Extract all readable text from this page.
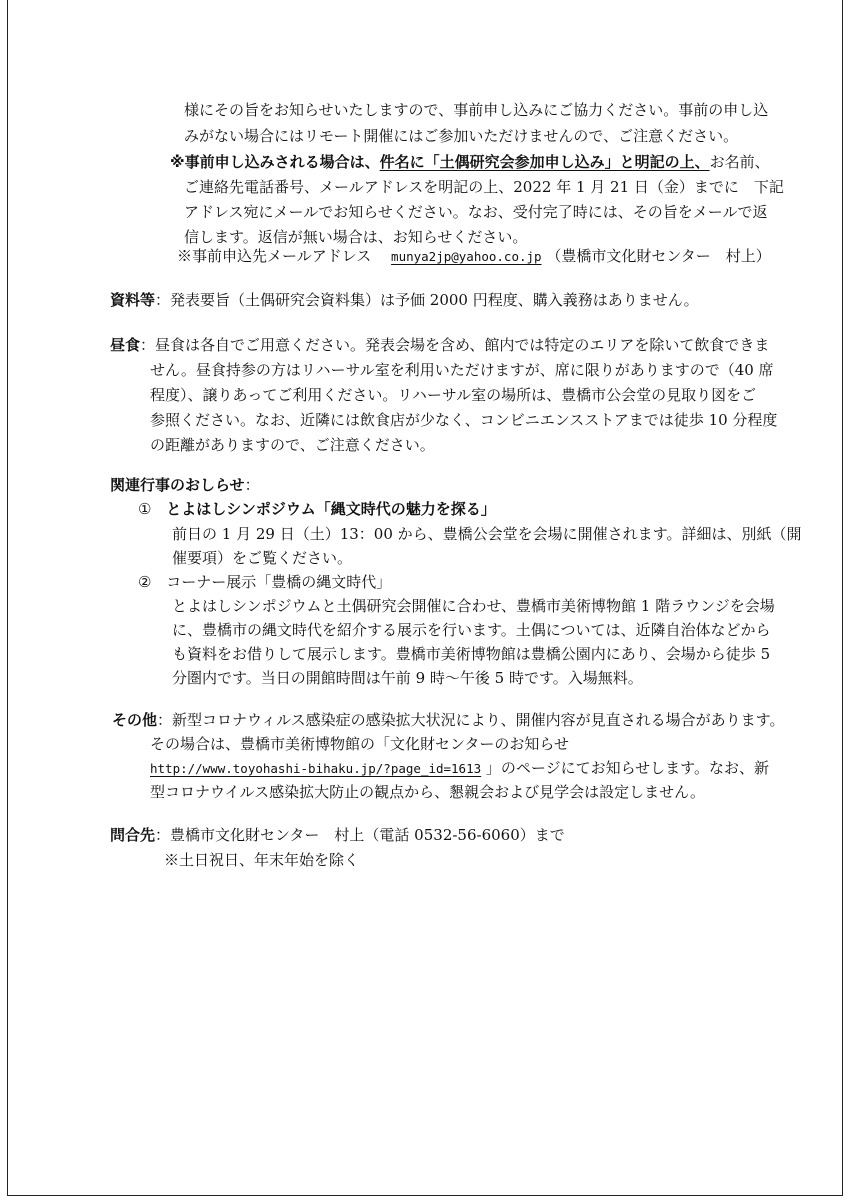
様にその旨をお知らせいたしますので、事前申し込みにご協力ください。事前の申し込
みがない場合にはリモート開催にはご参加いただけませんので、ご注意ください。
※事前申し込みされる場合は、件名に「土偶研究会参加申し込み」と明記の上、お名前、
ご連絡先電話番号、メールアドレスを明記の上、2022 年 1 月 21 日（金）までに　下記
アドレス宛にメールでお知らせください。なお、受付完了時には、その旨をメールで返
信します。返信が無い場合は、お知らせください。
※事前申込先メールアドレス　 munya2jp@yahoo.co.jp （豊橋市文化財センター　村上）
資料等：発表要旨（土偶研究会資料集）は予価 2000 円程度、購入義務はありません。
昼食：昼食は各自でご用意ください。発表会場を含め、館内では特定のエリアを除いて飲食できま
せん。昼食持参の方はリハーサル室を利用いただけますが、席に限りがありますので（40 席
程度）、譲りあってご利用ください。リハーサル室の場所は、豊橋市公会堂の見取り図をご
参照ください。なお、近隣には飲食店が少なく、コンビニエンスストアまでは徒歩 10 分程度
の距離がありますので、ご注意ください。
関連行事のおしらせ：
① とよはしシンポジウム「縄文時代の魅力を探る」
前日の 1 月 29 日（土）13：00 から、豊橋公会堂を会場に開催されます。詳細は、別紙（開
催要項）をご覧ください。
② コーナー展示「豊橋の縄文時代」
とよはしシンポジウムと土偶研究会開催に合わせ、豊橋市美術博物館 1 階ラウンジを会場
に、豊橋市の縄文時代を紹介する展示を行います。土偶については、近隣自治体などから
も資料をお借りして展示します。豊橋市美術博物館は豊橋公園内にあり、会場から徒歩 5
分圏内です。当日の開館時間は午前 9 時～午後 5 時です。入場無料。
その他：新型コロナウィルス感染症の感染拡大状況により、開催内容が見直される場合があります。
その場合は、豊橋市美術博物館の「文化財センターのお知らせ
http://www.toyohashi-bihaku.jp/?page_id=1613 」のページにてお知らせします。なお、新
型コロナウイルス感染拡大防止の観点から、懇親会および見学会は設定しません。
問合先：豊橋市文化財センター　村上（電話 0532-56-6060）まで
※土日祝日、年末年始を除く
